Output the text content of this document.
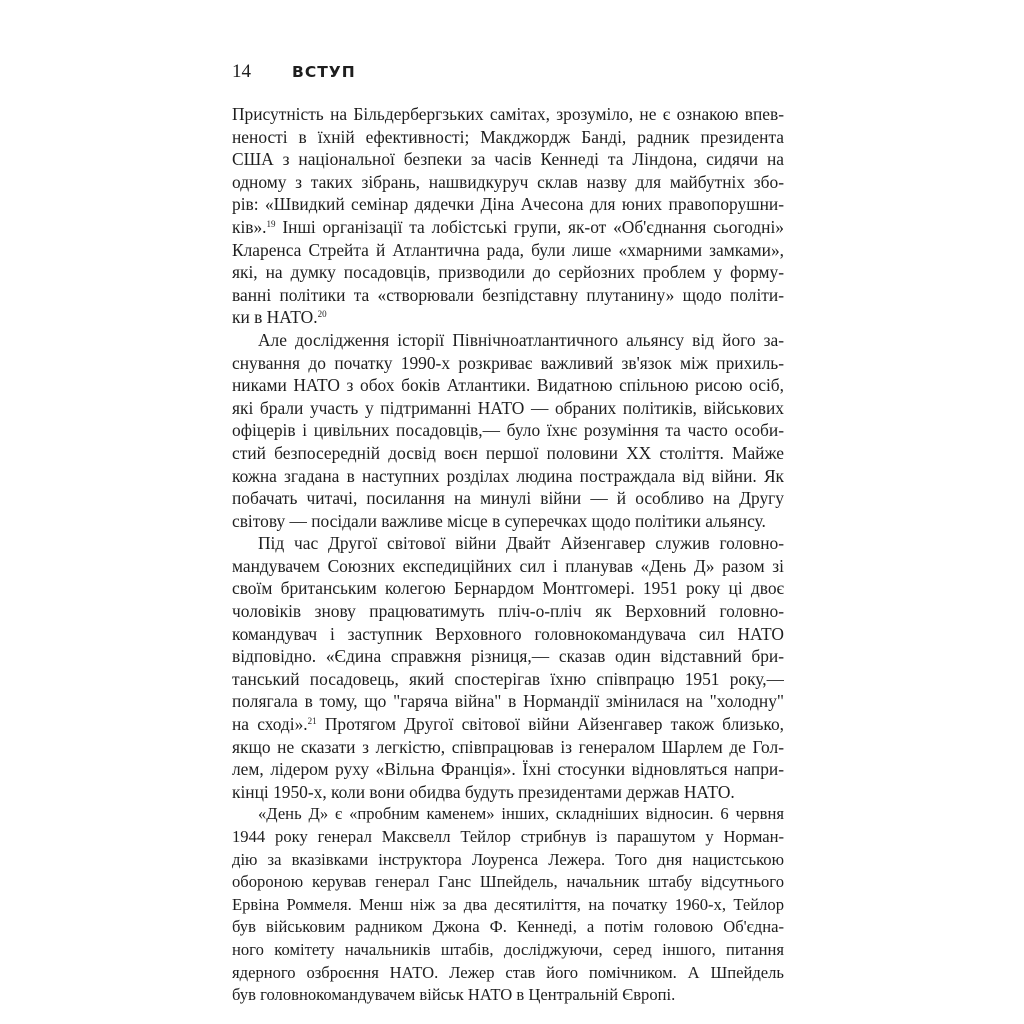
14	ВСТУП
Присутність на Більдербергзьких самітах, зрозуміло, не є ознакою впев-
неності в їхній ефективності; Макджордж Банді, радник президента
США з національної безпеки за часів Кеннеді та Ліндона, сидячи на
одному з таких зібрань, нашвидкуруч склав назву для майбутніх збо-
рів: «Швидкий семінар дядечки Діна Ачесона для юних правопорушни-
ків».$^{19}$ Інші організації та лобістські групи, як-от «Об'єднання сьогодні»
Кларенса Стрейта й Атлантична рада, були лише «хмарними замками»,
які, на думку посадовців, призводили до серйозних проблем у форму-
ванні політики та «створювали безпідставну плутанину» щодо політи-
ки в НАТО.$^{20}$
Але дослідження історії Північноатлантичного альянсу від його за-
снування до початку 1990-х розкриває важливий зв'язок між прихиль-
никами НАТО з обох боків Атлантики. Видатною спільною рисою осіб,
які брали участь у підтриманні НАТО — обраних політиків, військових
офіцерів і цивільних посадовців,— було їхнє розуміння та часто особи-
стий безпосередній досвід воєн першої половини XX століття. Майже
кожна згадана в наступних розділах людина постраждала від війни. Як
побачать читачі, посилання на минулі війни — й особливо на Другу
світову — посідали важливе місце в суперечках щодо політики альянсу.
Під час Другої світової війни Двайт Айзенгавер служив головно-
мандувачем Союзних експедиційних сил і планував «День Д» разом зі
своїм британським колегою Бернардом Монтгомері. 1951 року ці двоє
чоловіків знову працюватимуть пліч-о-пліч як Верховний головно-
командувач і заступник Верховного головнокомандувача сил НАТО
відповідно. «Єдина справжня різниця,— сказав один відставний бри-
танський посадовець, який спостерігав їхню співпрацю 1951 року,—
полягала в тому, що "гаряча війна" в Нормандії змінилася на "холодну"
на сході».$^{21}$ Протягом Другої світової війни Айзенгавер також близько,
якщо не сказати з легкістю, співпрацював із генералом Шарлем де Гол-
лем, лідером руху «Вільна Франція». Їхні стосунки відновляться напри-
кінці 1950-х, коли вони обидва будуть президентами держав НАТО.
«День Д» є «пробним каменем» інших, складніших відносин. 6 червня
1944 року генерал Максвелл Тейлор стрибнув із парашутом у Норман-
дію за вказівками інструктора Лоуренса Лежера. Того дня нацистською
обороною керував генерал Ганс Шпейдель, начальник штабу відсутнього
Ервіна Роммеля. Менш ніж за два десятиліття, на початку 1960-х, Тейлор
був військовим радником Джона Ф. Кеннеді, а потім головою Об'єдна-
ного комітету начальників штабів, досліджуючи, серед іншого, питання
ядерного озброєння НАТО. Лежер став його помічником. А Шпейдель
був головнокомандувачем військ НАТО в Центральній Європі.
